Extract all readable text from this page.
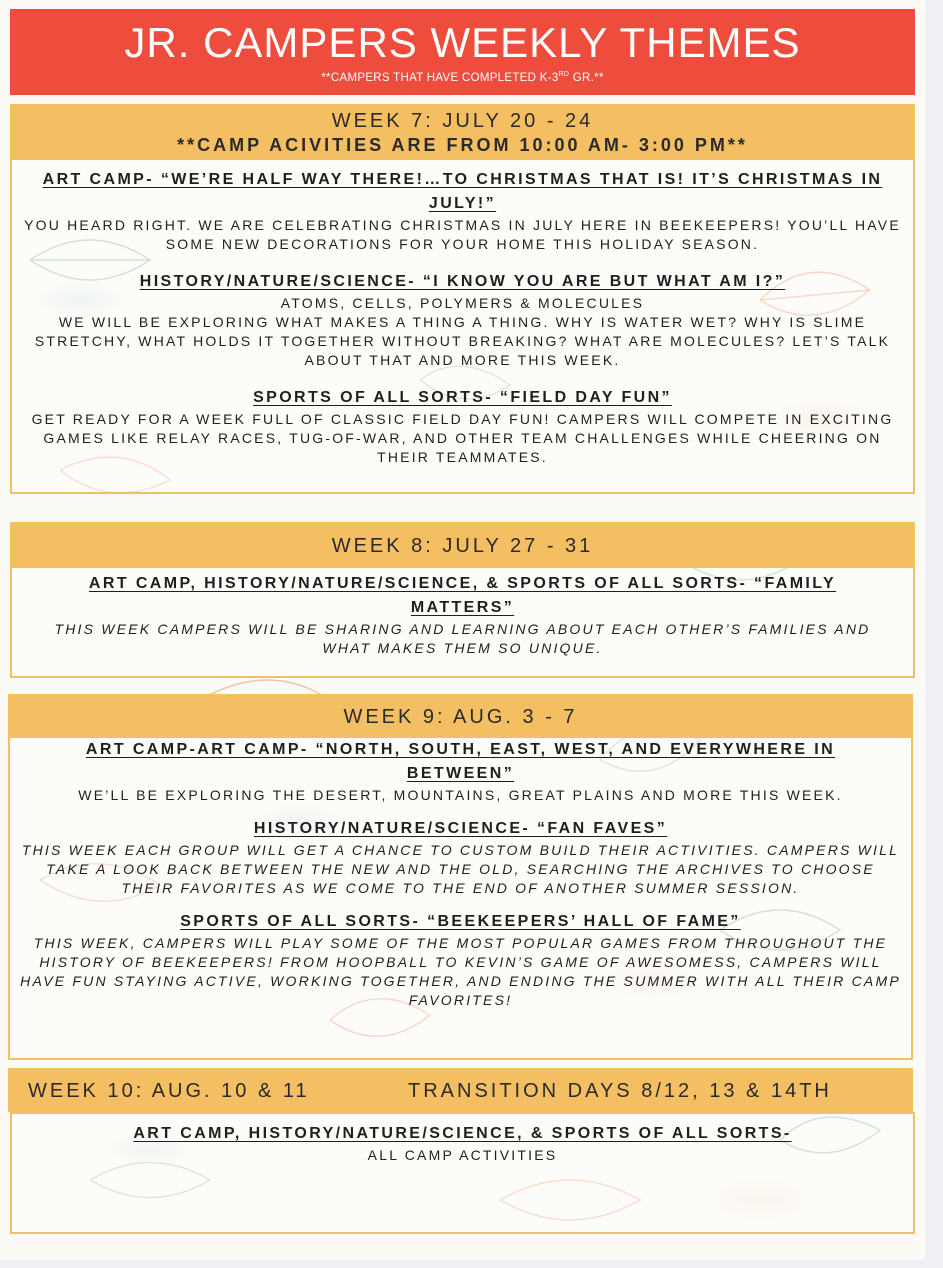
JR. CAMPERS WEEKLY THEMES
**CAMPERS THAT HAVE COMPLETED K-3RD GR.**
WEEK 7: JULY 20 - 24
**CAMP ACIVITIES ARE FROM 10:00 AM- 3:00 PM**
ART CAMP- “WE’RE HALF WAY THERE!…TO CHRISTMAS THAT IS! IT’S CHRISTMAS IN JULY!”
YOU HEARD RIGHT. WE ARE CELEBRATING CHRISTMAS IN JULY HERE IN BEEKEEPERS! YOU’LL HAVE SOME NEW DECORATIONS FOR YOUR HOME THIS HOLIDAY SEASON.
HISTORY/NATURE/SCIENCE- “I KNOW YOU ARE BUT WHAT AM I?”
ATOMS, CELLS, POLYMERS & MOLECULES
WE WILL BE EXPLORING WHAT MAKES A THING A THING. WHY IS WATER WET? WHY IS SLIME STRETCHY, WHAT HOLDS IT TOGETHER WITHOUT BREAKING? WHAT ARE MOLECULES? LET’S TALK ABOUT THAT AND MORE THIS WEEK.
SPORTS OF ALL SORTS- “FIELD DAY FUN”
GET READY FOR A WEEK FULL OF CLASSIC FIELD DAY FUN! CAMPERS WILL COMPETE IN EXCITING GAMES LIKE RELAY RACES, TUG-OF-WAR, AND OTHER TEAM CHALLENGES WHILE CHEERING ON THEIR TEAMMATES.
WEEK 8: JULY 27 - 31
ART CAMP, HISTORY/NATURE/SCIENCE, & SPORTS OF ALL SORTS- “FAMILY MATTERS”
THIS WEEK CAMPERS WILL BE SHARING AND LEARNING ABOUT EACH OTHER’S FAMILIES AND WHAT MAKES THEM SO UNIQUE.
WEEK 9: AUG. 3 - 7
ART CAMP-ART CAMP- “NORTH, SOUTH, EAST, WEST, AND EVERYWHERE IN BETWEEN”
WE’LL BE EXPLORING THE DESERT, MOUNTAINS, GREAT PLAINS AND MORE THIS WEEK.
HISTORY/NATURE/SCIENCE- “FAN FAVES”
THIS WEEK EACH GROUP WILL GET A CHANCE TO CUSTOM BUILD THEIR ACTIVITIES. CAMPERS WILL TAKE A LOOK BACK BETWEEN THE NEW AND THE OLD, SEARCHING THE ARCHIVES TO CHOOSE THEIR FAVORITES AS WE COME TO THE END OF ANOTHER SUMMER SESSION.
SPORTS OF ALL SORTS- “BEEKEEPERS’ HALL OF FAME”
THIS WEEK, CAMPERS WILL PLAY SOME OF THE MOST POPULAR GAMES FROM THROUGHOUT THE HISTORY OF BEEKEEPERS! FROM HOOPBALL TO KEVIN’S GAME OF AWESOMESS, CAMPERS WILL HAVE FUN STAYING ACTIVE, WORKING TOGETHER, AND ENDING THE SUMMER WITH ALL THEIR CAMP FAVORITES!
WEEK 10: AUG. 10 & 11	TRANSITION DAYS 8/12, 13 & 14TH
ART CAMP, HISTORY/NATURE/SCIENCE, & SPORTS OF ALL SORTS-
ALL CAMP ACTIVITIES
